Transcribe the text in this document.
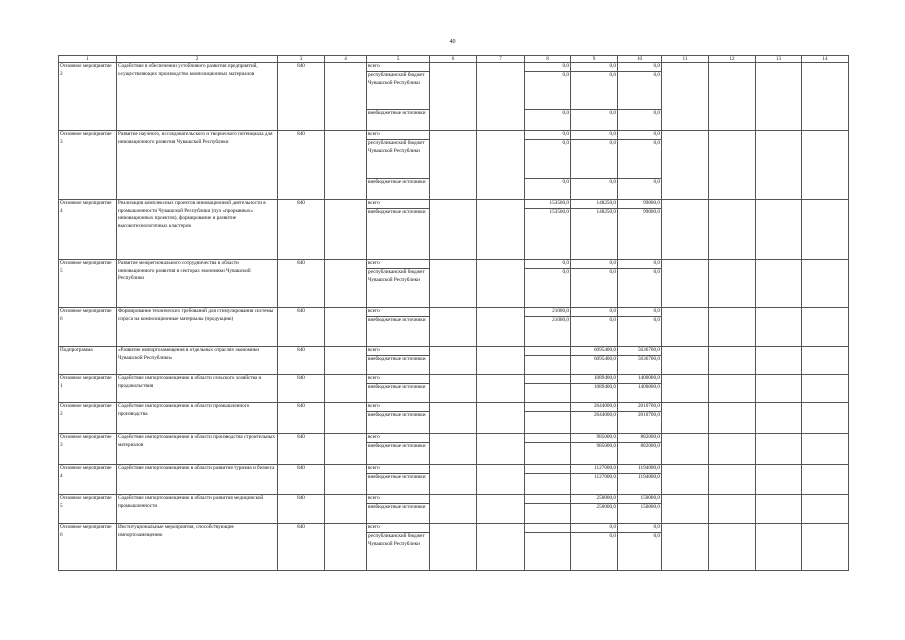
40
1	2	3	4	5	6	7	8	9	10	11	12	13	14
Основное мероприятие 2	Содействие в обеспечении устойчивого развития предприятий, осуществляющих производство композиционных материалов	840		всего			0,0	0,0	0,0				
				республиканский бюджет Чувашской Республики			0,0	0,0	0,0				
				внебюджетные источники			0,0	0,0	0,0				
Основное мероприятие 3	Развитие научного, исследовательского и творческого потенциала для инновационного развития Чувашской Республики	840		всего			0,0	0,0	0,0				
				республиканский бюджет Чувашской Республики			0,0	0,0	0,0				
				внебюджетные источники			0,0	0,0	0,0				
Основное мероприятие 4	Реализация комплексных проектов инновационной деятельности в промышленности Чувашской Республики (пул «прорывных» инновационных проектов), формирование и развитие высокотехнологичных кластеров	840		всего			153500,0	148250,0	99000,0				
				внебюджетные источники			153500,0	148250,0	99000,0				
Основное мероприятие 5	Развитие межрегионального сотрудничества в области инновационного развития в секторах экономики Чувашской Республики	840		всего			0,0	0,0	0,0				
				республиканский бюджет Чувашской Республики			0,0	0,0	0,0				
Основное мероприятие 6	Формирование технических требований для стимулирования системы спроса на композиционные материалы (продукцию)	840		всего			21000,0	0,0	0,0				
				внебюджетные источники			21000,0	0,0	0,0				
Подпрограмма	«Развитие импортозамещения в отдельных отраслях экономики Чувашской Республики»	840		всего				6095400,0	5636700,0				
				внебюджетные источники				6095400,0	5636700,0				
Основное мероприятие 1	Содействие импортозамещению в области сельского хозяйства и продовольствия	840		всего				1089400,0	1400000,0				
				внебюджетные источники				1089400,0	1400000,0				
Основное мероприятие 2	Содействие импортозамещению в области промышленного производства	840		всего				2644000,0	2010700,0				
				внебюджетные источники				2644000,0	2010700,0				
Основное мероприятие 3	Содействие импортозамещению в области производства строительных материалов	840		всего				985000,0	882000,0				
				внебюджетные источники				985000,0	882000,0				
Основное мероприятие 4	Содействие импортозамещению в области развития туризма и бизнеса	840		всего				1127000,0	1194000,0				
				внебюджетные источники				1127000,0	1194000,0				
Основное мероприятие 5	Содействие импортозамещению в области развития медицинской промышленности	840		всего				250000,0	150000,0				
				внебюджетные источники				250000,0	150000,0				
Основное мероприятие 6	Институциональные мероприятия, способствующие импортозамещению	840		всего				0,0	0,0				
				республиканский бюджет Чувашской Республики				0,0	0,0				
